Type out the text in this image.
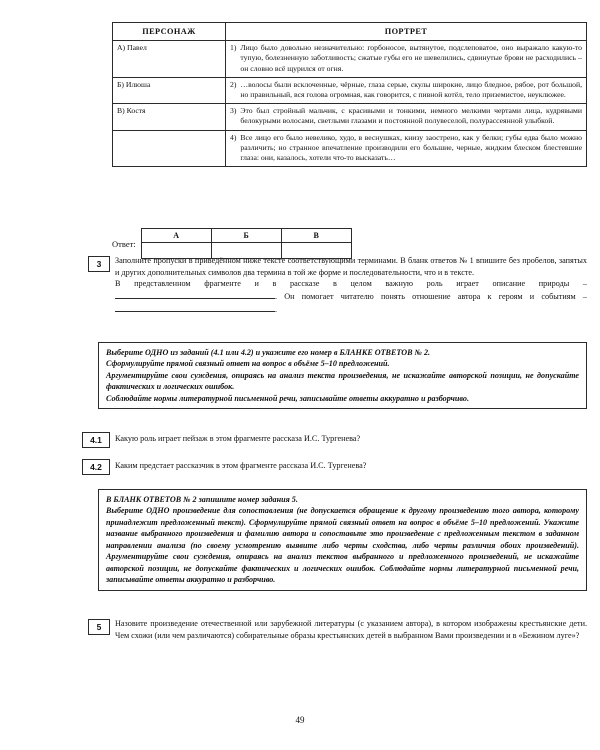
ПЕРСОНАЖ	ПОРТРЕТ
А) Павел	1) Лицо было довольно незначительно: горбоносое, вытянутое, подслеповатое, оно выражало какую-то тупую, болезненную заботливость; сжатые губы его не шевелились, сдвинутые брови не расходились – он словно всё щурился от огня.

Б) Илюша	2) …волосы были всклоченные, чёрные, глаза серые, скулы широкие, лицо бледное, рябое, рот большой, но правильный, вся голова огромная, как говорится, с пивной котёл, тело приземистое, неуклюжее.

В) Костя	3) Это был стройный мальчик, с красивыми и тонкими, немного мелкими чертами лица, кудрявыми белокурыми волосами, светлыми глазами и постоянной полувеселой, полурассеянной улыбкой.

	4) Все лицо его было невелико, худо, в веснушках, книзу заострено, как у белки; губы едва было можно различить; но странное впечатление производили его большие, черные, жидким блеском блестевшие глаза: они, казалось, хотели что-то высказать…
Ответ:
А	Б	В

3	Заполните пропуски в приведённом ниже тексте соответствующими терминами. В бланк ответов № 1 впишите без пробелов, запятых и других дополнительных символов два термина в той же форме и последовательности, что и в тексте.

В представленном фрагменте и в рассказе в целом важную роль играет описание природы – . Он помогает читателю понять отношение автора к героям и событиям – .

Выберите ОДНО из заданий (4.1 или 4.2) и укажите его номер в БЛАНКЕ ОТВЕТОВ № 2.

Сформулируйте прямой связный ответ на вопрос в объёме 5–10 предложений.

Аргументируйте свои суждения, опираясь на анализ текста произведения, не искажайте авторской позиции, не допускайте фактических и логических ошибок.

Соблюдайте нормы литературной письменной речи, записывайте ответы аккуратно и разборчиво.

4.1	Какую роль играет пейзаж в этом фрагменте рассказа И.С. Тургенева?
4.2	Каким предстает рассказчик в этом фрагменте рассказа И.С. Тургенева?

В БЛАНК ОТВЕТОВ № 2 запишите номер задания 5.

Выберите ОДНО произведение для сопоставления (не допускается обращение к другому произведению того автора, которому принадлежит предложенный текст). Сформулируйте прямой связный ответ на вопрос в объёме 5–10 предложений. Укажите название выбранного произведения и фамилию автора и сопоставьте это произведение с предложенным текстом в заданном направлении анализа (по своему усмотрению выявите либо черты сходства, либо черты различия обоих произведений). Аргументируйте свои суждения, опираясь на анализ текстов выбранного и предложенного произведений, не искажайте авторской позиции, не допускайте фактических и логических ошибок. Соблюдайте нормы литературной письменной речи, записывайте ответы аккуратно и разборчиво.

5	Назовите произведение отечественной или зарубежной литературы (с указанием автора), в котором изображены крестьянские дети. Чем схожи (или чем различаются) собирательные образы крестьянских детей в выбранном Вами произведении и в «Бежином луге»?
49
